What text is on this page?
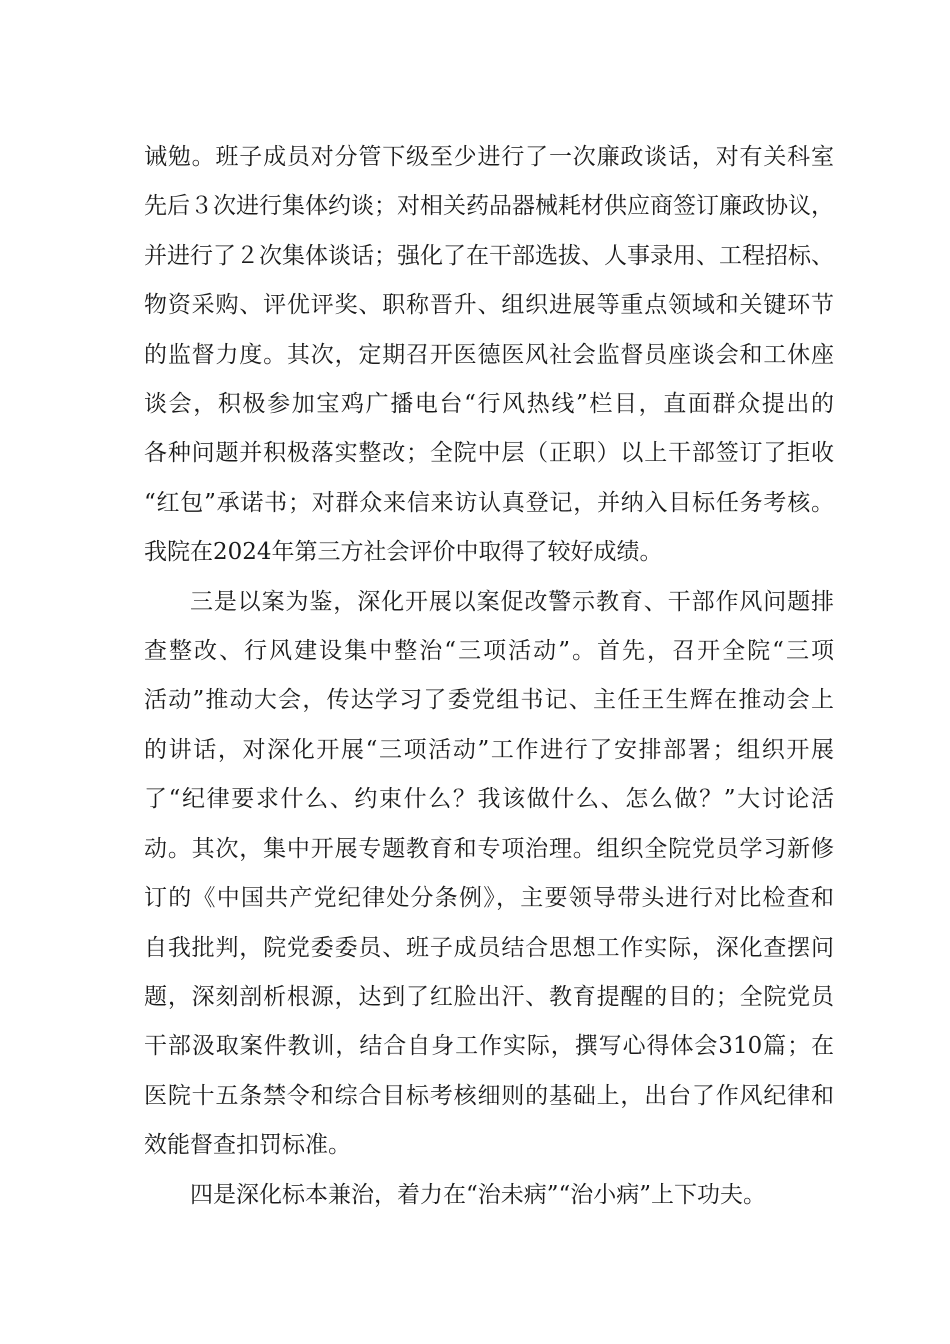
诫勉。班子成员对分管下级至少进行了一次廉政谈话，对有关科室
先后３次进行集体约谈；对相关药品器械耗材供应商签订廉政协议，
并进行了２次集体谈话；强化了在干部选拔、人事录用、工程招标、
物资采购、评优评奖、职称晋升、组织进展等重点领域和关键环节
的监督力度。其次，定期召开医德医风社会监督员座谈会和工休座
谈会，积极参加宝鸡广播电台“行风热线”栏目，直面群众提出的
各种问题并积极落实整改；全院中层（正职）以上干部签订了拒收
“红包”承诺书；对群众来信来访认真登记，并纳入目标任务考核。
我院在2024年第三方社会评价中取得了较好成绩。
三是以案为鉴，深化开展以案促改警示教育、干部作风问题排
查整改、行风建设集中整治“三项活动”。首先，召开全院“三项
活动”推动大会，传达学习了委党组书记、主任王生辉在推动会上
的讲话，对深化开展“三项活动”工作进行了安排部署；组织开展
了“纪律要求什么、约束什么？我该做什么、怎么做？”大讨论活
动。其次，集中开展专题教育和专项治理。组织全院党员学习新修
订的《中国共产党纪律处分条例》，主要领导带头进行对比检查和
自我批判，院党委委员、班子成员结合思想工作实际，深化查摆问
题，深刻剖析根源，达到了红脸出汗、教育提醒的目的；全院党员
干部汲取案件教训，结合自身工作实际，撰写心得体会310篇；在
医院十五条禁令和综合目标考核细则的基础上，出台了作风纪律和
效能督查扣罚标准。
四是深化标本兼治，着力在“治未病”“治小病”上下功夫。
